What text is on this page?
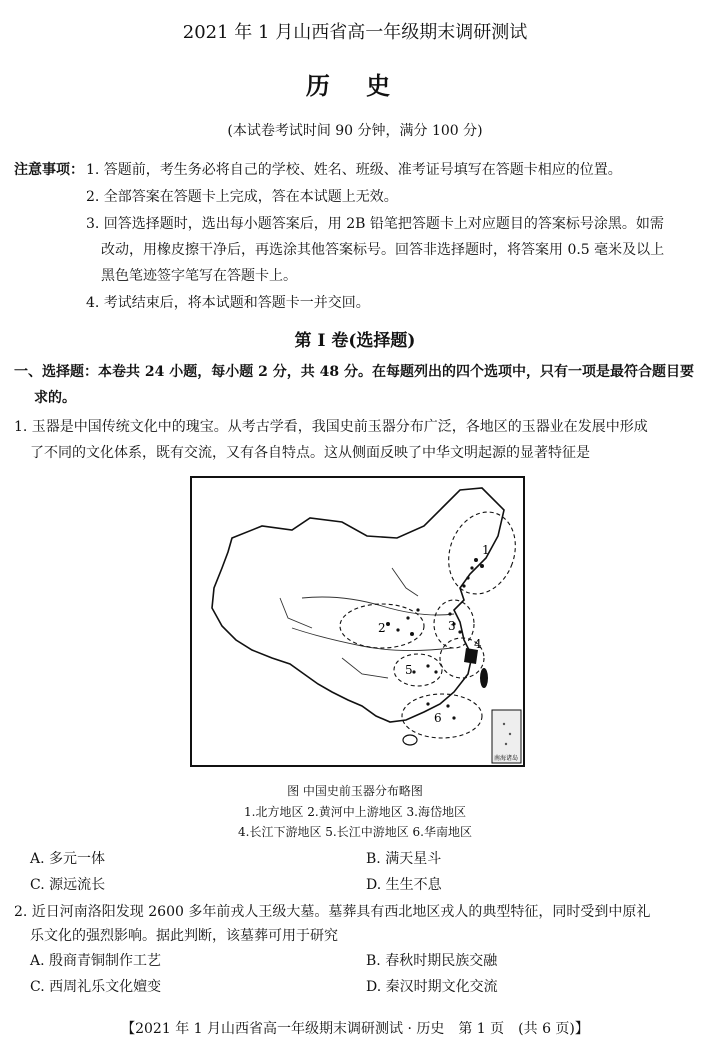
2021 年 1 月山西省高一年级期末调研测试
历 史
(本试卷考试时间 90 分钟，满分 100 分)
注意事项： 1. 答题前，考生务必将自己的学校、姓名、班级、准考证号填写在答题卡相应的位置。
2. 全部答案在答题卡上完成，答在本试题上无效。
3. 回答选择题时，选出每小题答案后，用 2B 铅笔把答题卡上对应题目的答案标号涂黑。如需
改动，用橡皮擦干净后，再选涂其他答案标号。回答非选择题时，将答案用 0.5 毫米及以上
黑色笔迹签字笔写在答题卡上。
4. 考试结束后，将本试题和答题卡一并交回。
第 Ⅰ 卷(选择题)
一、选择题：本卷共 24 小题，每小题 2 分，共 48 分。在每题列出的四个选项中，只有一项是最符合题目要
求的。
1. 玉器是中国传统文化中的瑰宝。从考古学看，我国史前玉器分布广泛，各地区的玉器业在发展中形成
了不同的文化体系，既有交流，又有各自特点。这从侧面反映了中华文明起源的显著特征是
1
2	3
4
5
6
南海诸岛
图 中国史前玉器分布略图
1.北方地区 2.黄河中上游地区 3.海岱地区
4.长江下游地区 5.长江中游地区 6.华南地区
A. 多元一体	B. 满天星斗
C. 源远流长	D. 生生不息
2. 近日河南洛阳发现 2600 多年前戎人王级大墓。墓葬具有西北地区戎人的典型特征，同时受到中原礼
乐文化的强烈影响。据此判断，该墓葬可用于研究
A. 殷商青铜制作工艺	B. 春秋时期民族交融
C. 西周礼乐文化嬗变	D. 秦汉时期文化交流
【2021 年 1 月山西省高一年级期末调研测试 · 历史　第 1 页　(共 6 页)】
